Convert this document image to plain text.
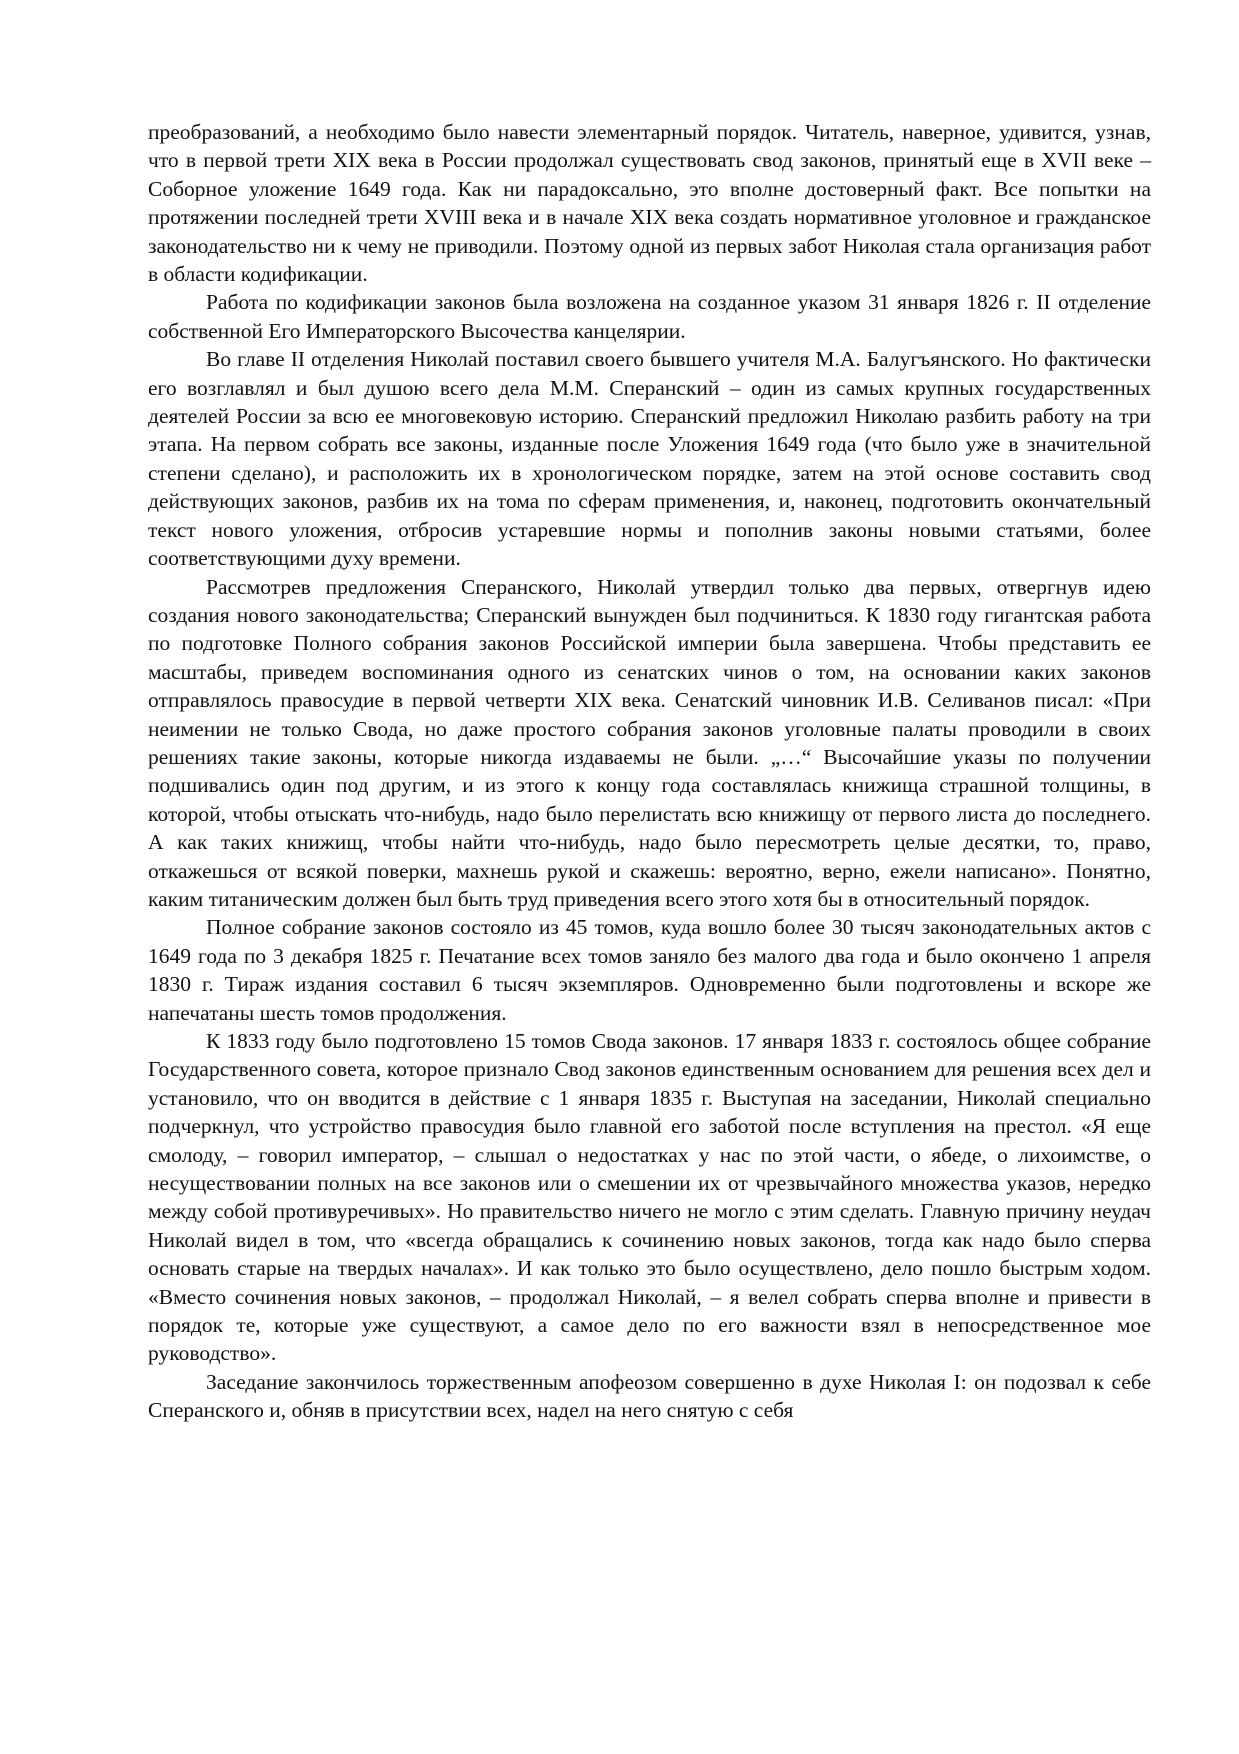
преобразований, а необходимо было навести элементарный порядок. Читатель, наверное, удивится, узнав, что в первой трети XIX века в России продолжал существовать свод законов, принятый еще в XVII веке – Соборное уложение 1649 года. Как ни парадоксально, это вполне достоверный факт. Все попытки на протяжении последней трети XVIII века и в начале XIX века создать нормативное уголовное и гражданское законодательство ни к чему не приводили. Поэтому одной из первых забот Николая стала организация работ в области кодификации.

Работа по кодификации законов была возложена на созданное указом 31 января 1826 г. II отделение собственной Его Императорского Высочества канцелярии.

Во главе II отделения Николай поставил своего бывшего учителя М.А. Балугъянского. Но фактически его возглавлял и был душою всего дела М.М. Сперанский – один из самых крупных государственных деятелей России за всю ее многовековую историю. Сперанский предложил Николаю разбить работу на три этапа. На первом собрать все законы, изданные после Уложения 1649 года (что было уже в значительной степени сделано), и расположить их в хронологическом порядке, затем на этой основе составить свод действующих законов, разбив их на тома по сферам применения, и, наконец, подготовить окончательный текст нового уложения, отбросив устаревшие нормы и пополнив законы новыми статьями, более соответствующими духу времени.

Рассмотрев предложения Сперанского, Николай утвердил только два первых, отвергнув идею создания нового законодательства; Сперанский вынужден был подчиниться. К 1830 году гигантская работа по подготовке Полного собрания законов Российской империи была завершена. Чтобы представить ее масштабы, приведем воспоминания одного из сенатских чинов о том, на основании каких законов отправлялось правосудие в первой четверти XIX века. Сенатский чиновник И.В. Селиванов писал: «При неимении не только Свода, но даже простого собрания законов уголовные палаты проводили в своих решениях такие законы, которые никогда издаваемы не были. „…“ Высочайшие указы по получении подшивались один под другим, и из этого к концу года составлялась книжища страшной толщины, в которой, чтобы отыскать что-нибудь, надо было перелистать всю книжищу от первого листа до последнего. А как таких книжищ, чтобы найти что-нибудь, надо было пересмотреть целые десятки, то, право, откажешься от всякой поверки, махнешь рукой и скажешь: вероятно, верно, ежели написано». Понятно, каким титаническим должен был быть труд приведения всего этого хотя бы в относительный порядок.

Полное собрание законов состояло из 45 томов, куда вошло более 30 тысяч законодательных актов с 1649 года по 3 декабря 1825 г. Печатание всех томов заняло без малого два года и было окончено 1 апреля 1830 г. Тираж издания составил 6 тысяч экземпляров. Одновременно были подготовлены и вскоре же напечатаны шесть томов продолжения.

К 1833 году было подготовлено 15 томов Свода законов. 17 января 1833 г. состоялось общее собрание Государственного совета, которое признало Свод законов единственным основанием для решения всех дел и установило, что он вводится в действие с 1 января 1835 г. Выступая на заседании, Николай специально подчеркнул, что устройство правосудия было главной его заботой после вступления на престол. «Я еще смолоду, – говорил император, – слышал о недостатках у нас по этой части, о ябеде, о лихоимстве, о несуществовании полных на все законов или о смешении их от чрезвычайного множества указов, нередко между собой противуречивых». Но правительство ничего не могло с этим сделать. Главную причину неудач Николай видел в том, что «всегда обращались к сочинению новых законов, тогда как надо было сперва основать старые на твердых началах». И как только это было осуществлено, дело пошло быстрым ходом. «Вместо сочинения новых законов, – продолжал Николай, – я велел собрать сперва вполне и привести в порядок те, которые уже существуют, а самое дело по его важности взял в непосредственное мое руководство».

Заседание закончилось торжественным апофеозом совершенно в духе Николая I: он подозвал к себе Сперанского и, обняв в присутствии всех, надел на него снятую с себя
